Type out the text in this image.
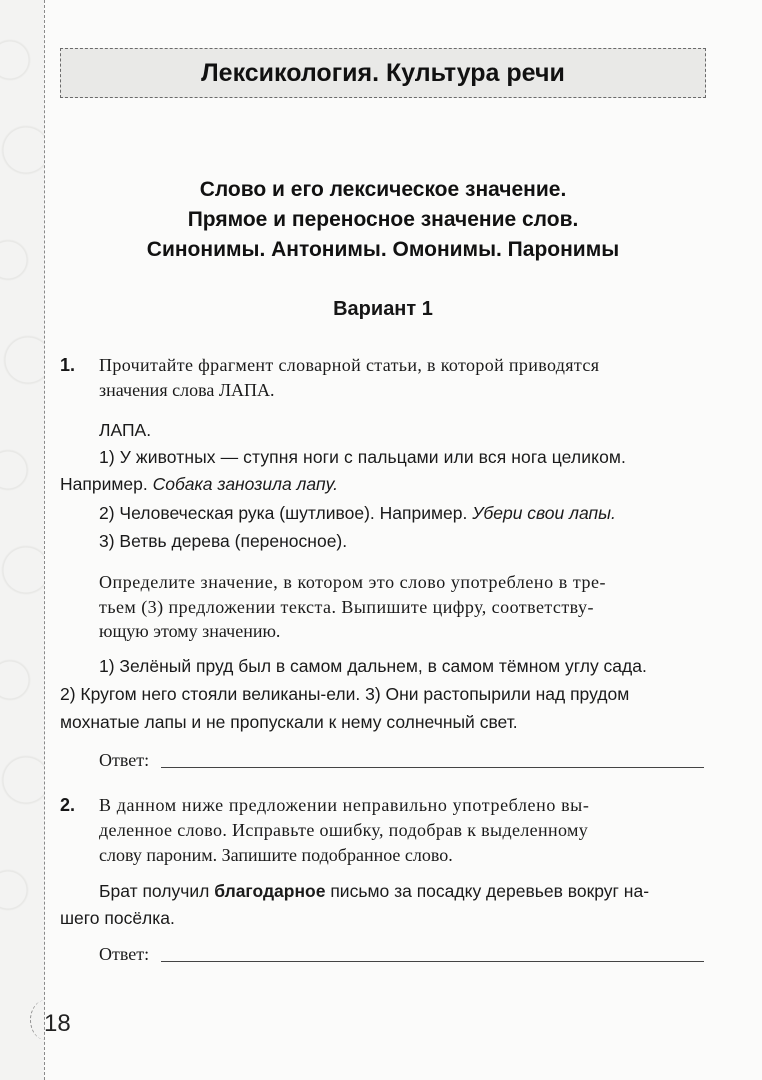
Лексикология. Культура речи
Слово и его лексическое значение.
Прямое и переносное значение слов.
Синонимы. Антонимы. Омонимы. Паронимы
Вариант 1
1. Прочитайте фрагмент словарной статьи, в которой приводятся
значения слова ЛАПА.
ЛАПА.
1) У животных — ступня ноги с пальцами или вся нога целиком.
Например. Собака занозила лапу.
2) Человеческая рука (шутливое). Например. Убери свои лапы.
3) Ветвь дерева (переносное).
Определите значение, в котором это слово употреблено в тре-
тьем (3) предложении текста. Выпишите цифру, соответству-
ющую этому значению.
1) Зелёный пруд был в самом дальнем, в самом тёмном углу сада.
2) Кругом него стояли великаны-ели. 3) Они растопырили над прудом
мохнатые лапы и не пропускали к нему солнечный свет.
Ответ:
2. В данном ниже предложении неправильно употреблено вы-
деленное слово. Исправьте ошибку, подобрав к выделенному
слову пароним. Запишите подобранное слово.
Брат получил благодарное письмо за посадку деревьев вокруг на-
шего посёлка.
Ответ:
18
